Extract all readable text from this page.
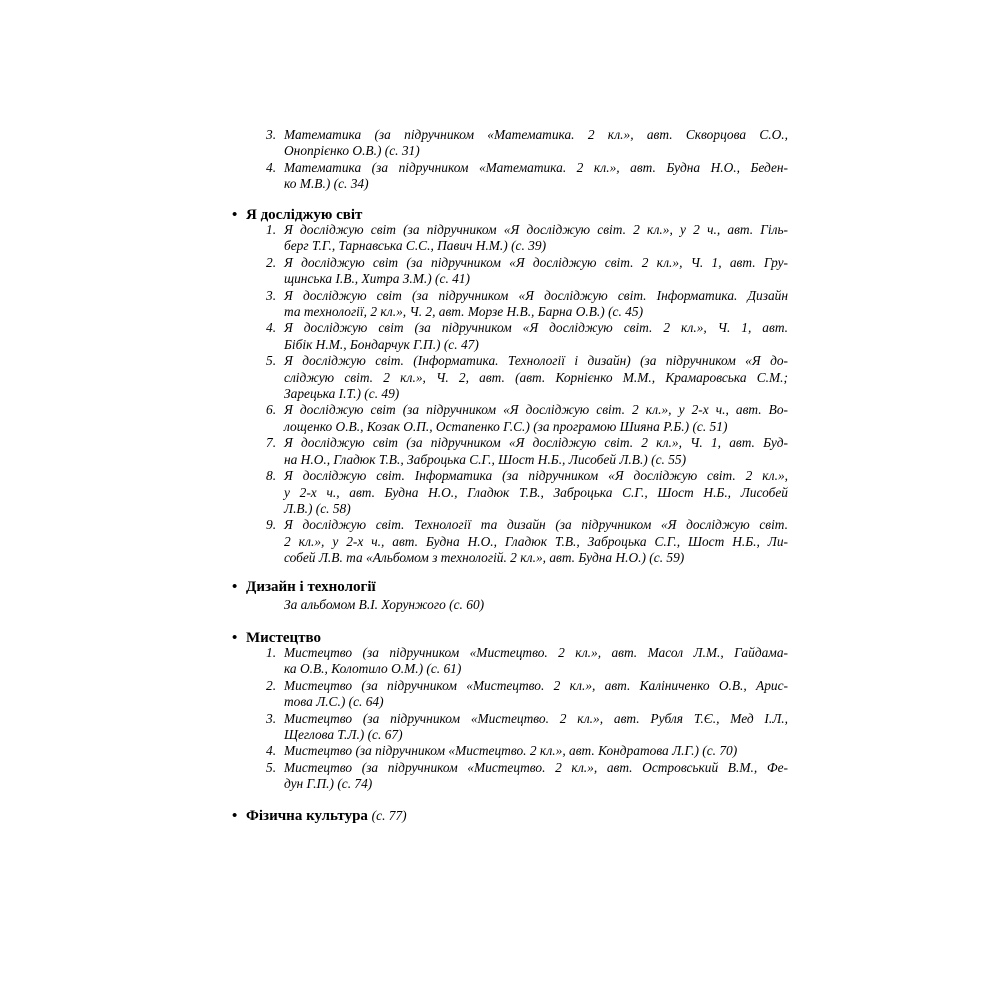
3. Математика (за підручником «Математика. 2 кл.», авт. Скворцова С.О.,
Онопрієнко О.В.) (с. 31)
4. Математика (за підручником «Математика. 2 кл.», авт. Будна Н.О., Беден-
ко М.В.) (с. 34)
• Я досліджую світ
1. Я досліджую світ (за підручником «Я досліджую світ. 2 кл.», у 2 ч., авт. Гіль-
берг Т.Г., Тарнавська С.С., Павич Н.М.) (с. 39)
2. Я досліджую світ (за підручником «Я досліджую світ. 2 кл.», Ч. 1, авт. Гру-
щинська І.В., Хитра З.М.) (с. 41)
3. Я досліджую світ (за підручником «Я досліджую світ. Інформатика. Дизайн
та технології, 2 кл.», Ч. 2, авт. Морзе Н.В., Барна О.В.) (с. 45)
4. Я досліджую світ (за підручником «Я досліджую світ. 2 кл.», Ч. 1, авт.
Бібік Н.М., Бондарчук Г.П.) (с. 47)
5. Я досліджую світ. (Інформатика. Технології і дизайн) (за підручником «Я до-
сліджую світ. 2 кл.», Ч. 2, авт. (авт. Корнієнко М.М., Крамаровська С.М.;
Зарецька І.Т.) (с. 49)
6. Я досліджую світ (за підручником «Я досліджую світ. 2 кл.», у 2-х ч., авт. Во-
лощенко О.В., Козак О.П., Остапенко Г.С.) (за програмою Шияна Р.Б.) (с. 51)
7. Я досліджую світ (за підручником «Я досліджую світ. 2 кл.», Ч. 1, авт. Буд-
на Н.О., Гладюк Т.В., Заброцька С.Г., Шост Н.Б., Лисобей Л.В.) (с. 55)
8. Я досліджую світ. Інформатика (за підручником «Я досліджую світ. 2 кл.»,
у 2-х ч., авт. Будна Н.О., Гладюк Т.В., Заброцька С.Г., Шост Н.Б., Лисобей
Л.В.) (с. 58)
9. Я досліджую світ. Технології та дизайн (за підручником «Я досліджую світ.
2 кл.», у 2-х ч., авт. Будна Н.О., Гладюк Т.В., Заброцька С.Г., Шост Н.Б., Ли-
собей Л.В. та «Альбомом з технологій. 2 кл.», авт. Будна Н.О.) (с. 59)
• Дизайн і технології
За альбомом В.І. Хорунжого (с. 60)
• Мистецтво
1. Мистецтво (за підручником «Мистецтво. 2 кл.», авт. Масол Л.М., Гайдама-
ка О.В., Колотило О.М.) (с. 61)
2. Мистецтво (за підручником «Мистецтво. 2 кл.», авт. Каліниченко О.В., Арис-
това Л.С.) (с. 64)
3. Мистецтво (за підручником «Мистецтво. 2 кл.», авт. Рубля Т.Є., Мед І.Л.,
Щеглова Т.Л.) (с. 67)
4. Мистецтво (за підручником «Мистецтво. 2 кл.», авт. Кондратова Л.Г.) (с. 70)
5. Мистецтво (за підручником «Мистецтво. 2 кл.», авт. Островський В.М., Фе-
дун Г.П.) (с. 74)
• Фізична культура (с. 77)
